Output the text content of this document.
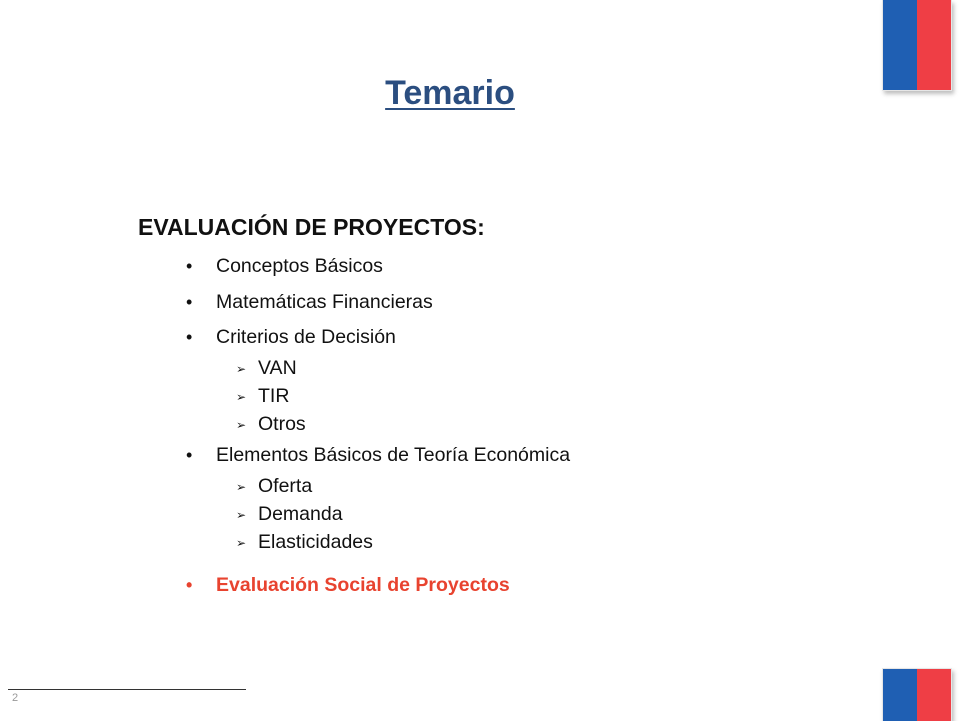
Temario
EVALUACIÓN DE PROYECTOS:
•	Conceptos Básicos
•	Matemáticas Financieras
•	Criterios de Decisión
➢ VAN
➢ TIR
➢ Otros
•	Elementos Básicos de Teoría Económica
➢ Oferta
➢ Demanda
➢ Elasticidades
•	Evaluación Social de Proyectos
2
